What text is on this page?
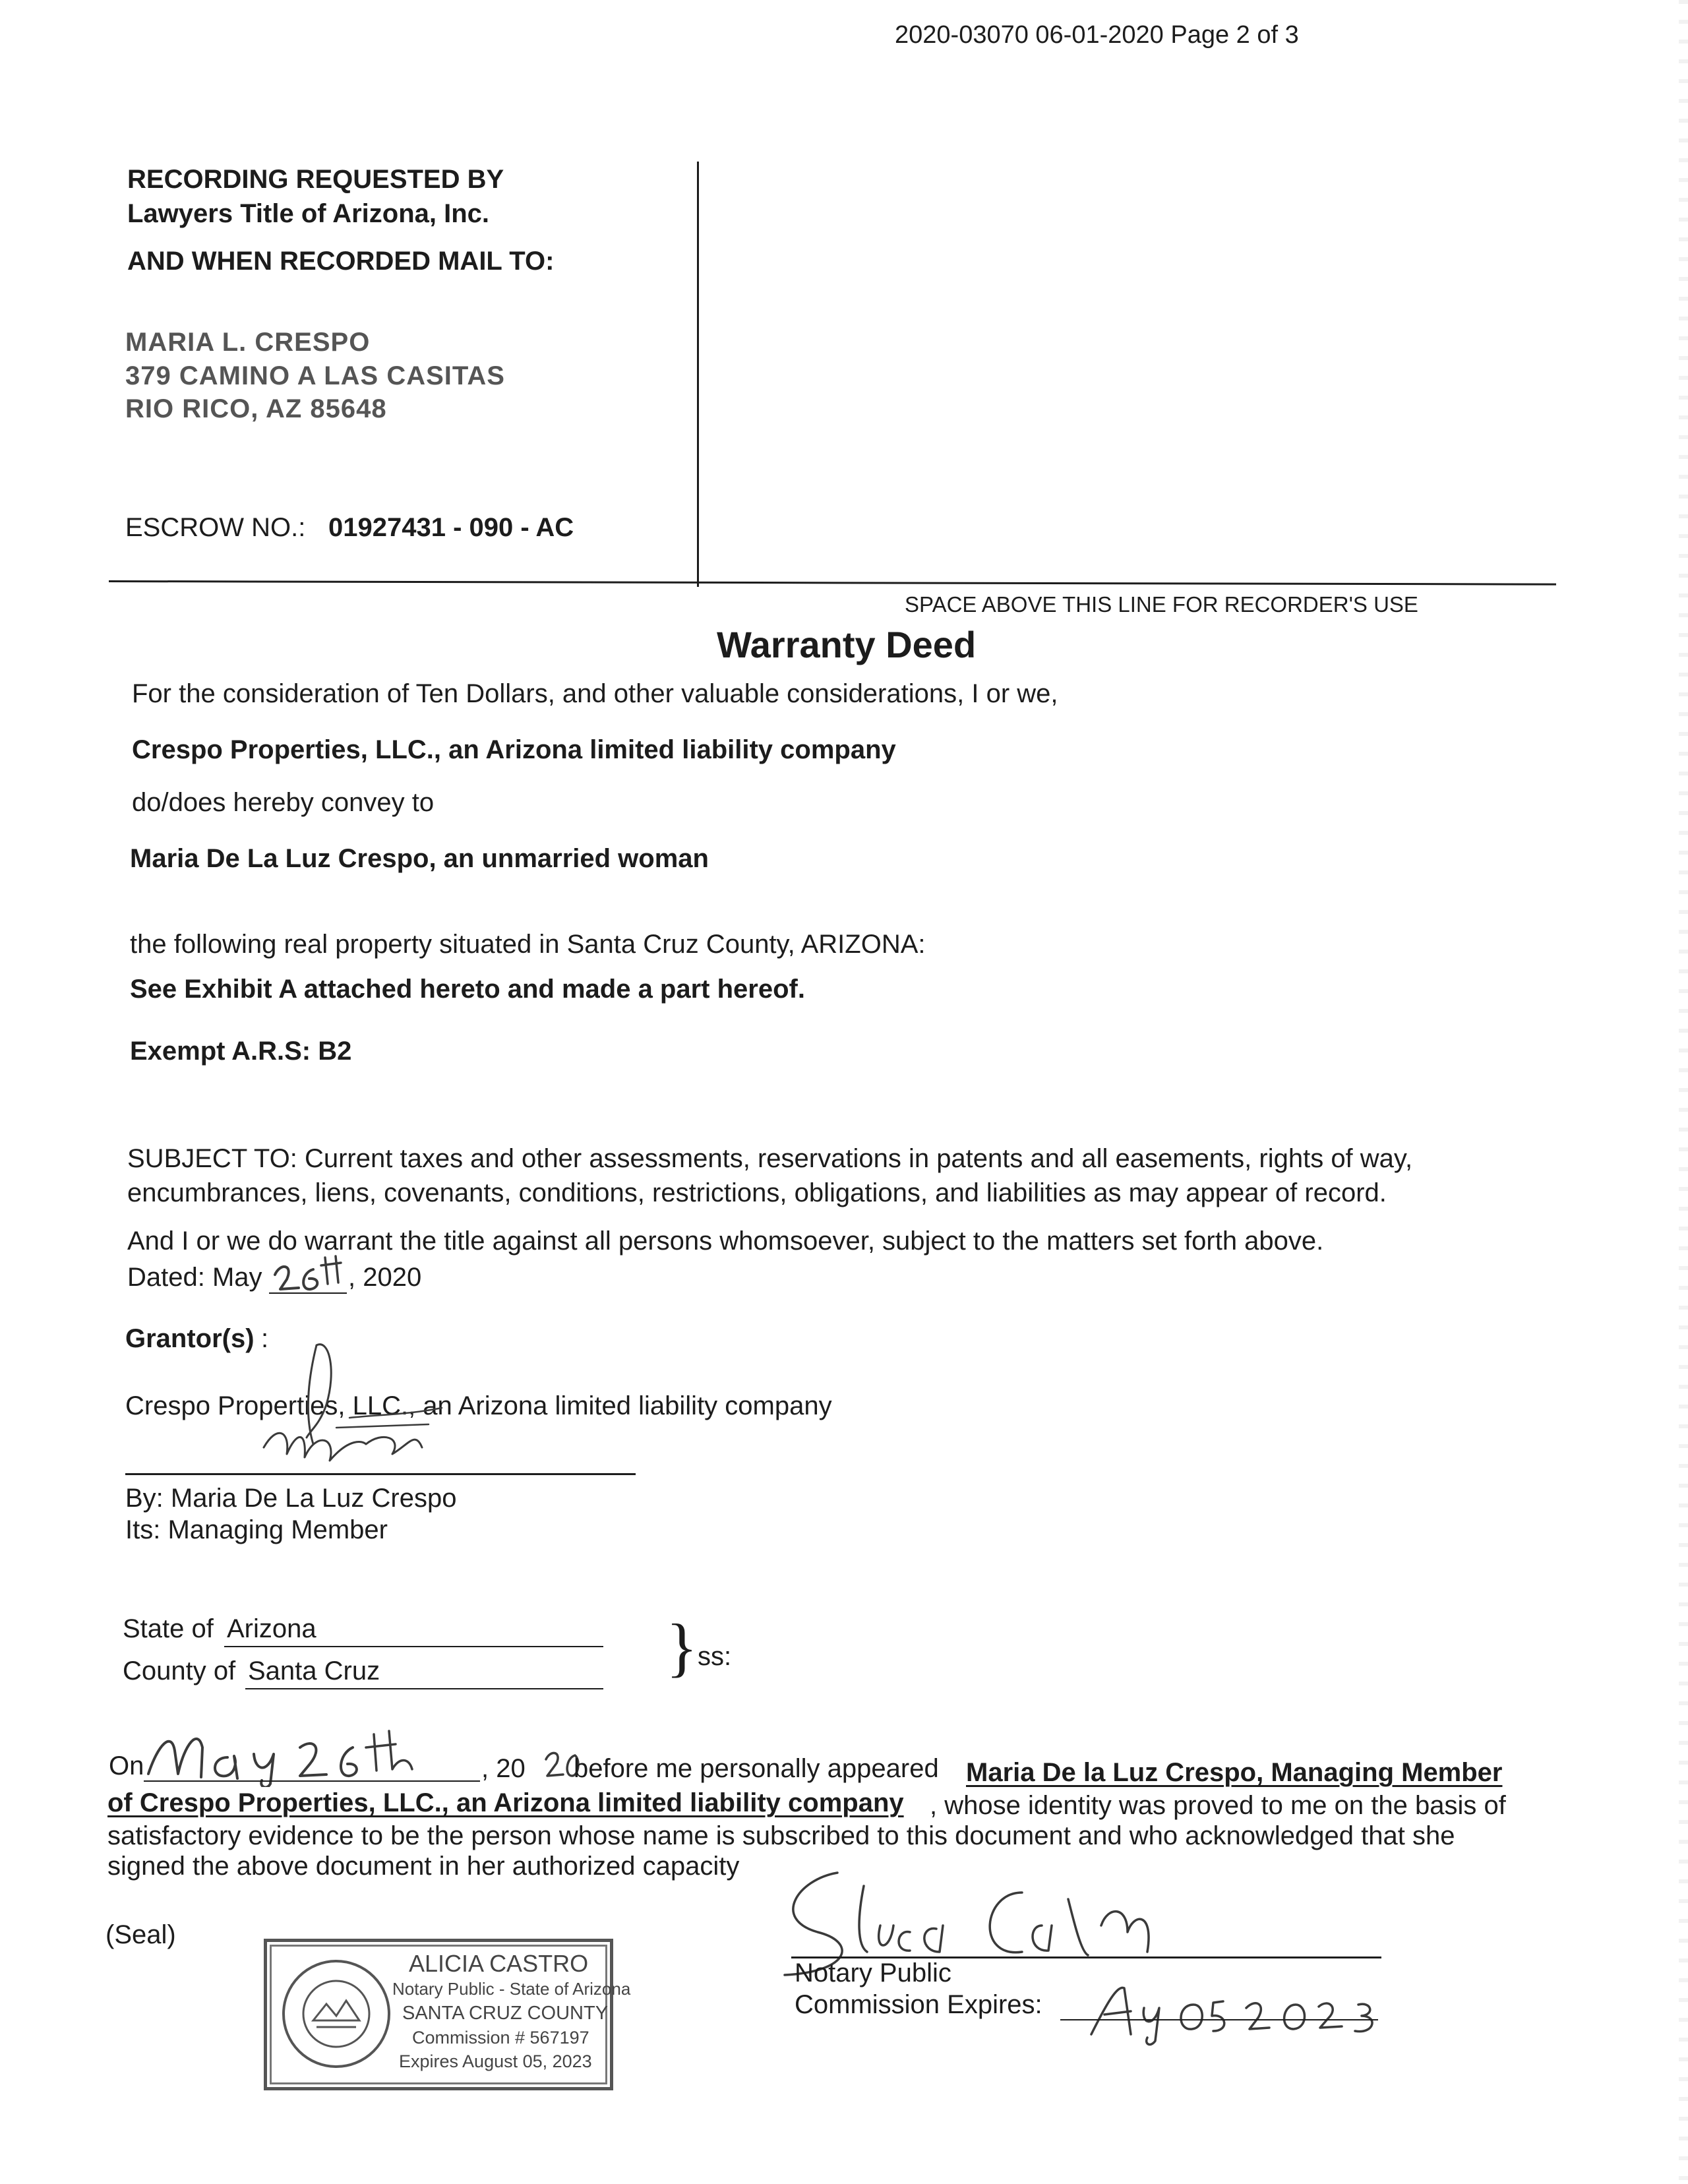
2020-03070 06-01-2020 Page 2 of 3
RECORDING REQUESTED BY
Lawyers Title of Arizona, Inc.
AND WHEN RECORDED MAIL TO:
MARIA L. CRESPO
379 CAMINO A LAS CASITAS
RIO RICO, AZ 85648
ESCROW NO.: 01927431 - 090 - AC
SPACE ABOVE THIS LINE FOR RECORDER'S USE
Warranty Deed
For the consideration of Ten Dollars, and other valuable considerations, I or we,
Crespo Properties, LLC., an Arizona limited liability company
do/does hereby convey to
Maria De La Luz Crespo, an unmarried woman
the following real property situated in Santa Cruz County, ARIZONA:
See Exhibit A attached hereto and made a part hereof.
Exempt A.R.S: B2
SUBJECT TO: Current taxes and other assessments, reservations in patents and all easements, rights of way,
encumbrances, liens, covenants, conditions, restrictions, obligations, and liabilities as may appear of record.
And I or we do warrant the title against all persons whomsoever, subject to the matters set forth above.
Dated: May	, 2020
Grantor(s) :
Crespo Properties, LLC., an Arizona limited liability company
By: Maria De La Luz Crespo
Its: Managing Member
State of Arizona
County of Santa Cruz	} ss:
On	, 20 before me personally appeared Maria De la Luz Crespo, Managing Member
of Crespo Properties, LLC., an Arizona limited liability company , whose identity was proved to me on the basis of
satisfactory evidence to be the person whose name is subscribed to this document and who acknowledged that she
signed the above document in her authorized capacity
(Seal)
ALICIA CASTRO
Notary Public - State of Arizona
SANTA CRUZ COUNTY
Commission # 567197
Expires August 05, 2023
Notary Public
Commission Expires:
